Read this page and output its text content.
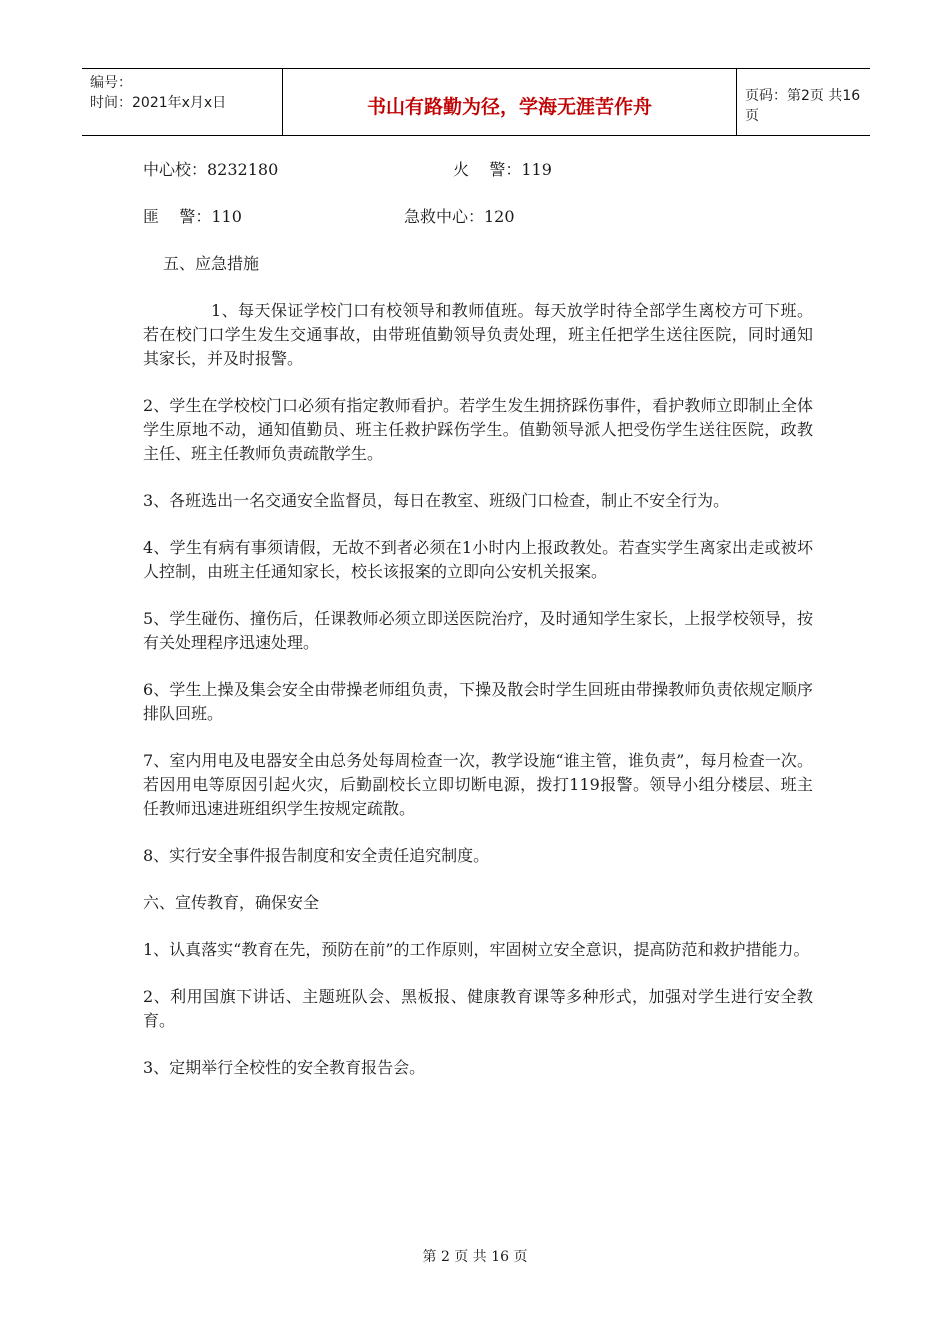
编号：
时间：2021年x月x日	书山有路勤为径，学海无涯苦作舟	页码：第2页 共16页
中心校：8232180	火    警：119
匪    警：110	急救中心：120
五、应急措施
1、每天保证学校门口有校领导和教师值班。每天放学时待全部学生离校方可下班。若在校门口学生发生交通事故，由带班值勤领导负责处理，班主任把学生送往医院，同时通知其家长，并及时报警。
2、学生在学校校门口必须有指定教师看护。若学生发生拥挤踩伤事件，看护教师立即制止全体学生原地不动，通知值勤员、班主任救护踩伤学生。值勤领导派人把受伤学生送往医院，政教主任、班主任教师负责疏散学生。
3、各班选出一名交通安全监督员，每日在教室、班级门口检查，制止不安全行为。
4、学生有病有事须请假，无故不到者必须在1小时内上报政教处。若查实学生离家出走或被坏人控制，由班主任通知家长，校长该报案的立即向公安机关报案。
5、学生碰伤、撞伤后，任课教师必须立即送医院治疗，及时通知学生家长，上报学校领导，按有关处理程序迅速处理。
6、学生上操及集会安全由带操老师组负责，下操及散会时学生回班由带操教师负责依规定顺序排队回班。
7、室内用电及电器安全由总务处每周检查一次，教学设施“谁主管，谁负责”，每月检查一次。若因用电等原因引起火灾，后勤副校长立即切断电源，拨打119报警。领导小组分楼层、班主任教师迅速进班组织学生按规定疏散。
8、实行安全事件报告制度和安全责任追究制度。
六、宣传教育，确保安全
1、认真落实“教育在先，预防在前”的工作原则，牢固树立安全意识，提高防范和救护措能力。
2、利用国旗下讲话、主题班队会、黑板报、健康教育课等多种形式，加强对学生进行安全教育。
3、定期举行全校性的安全教育报告会。
第 2 页 共 16 页
